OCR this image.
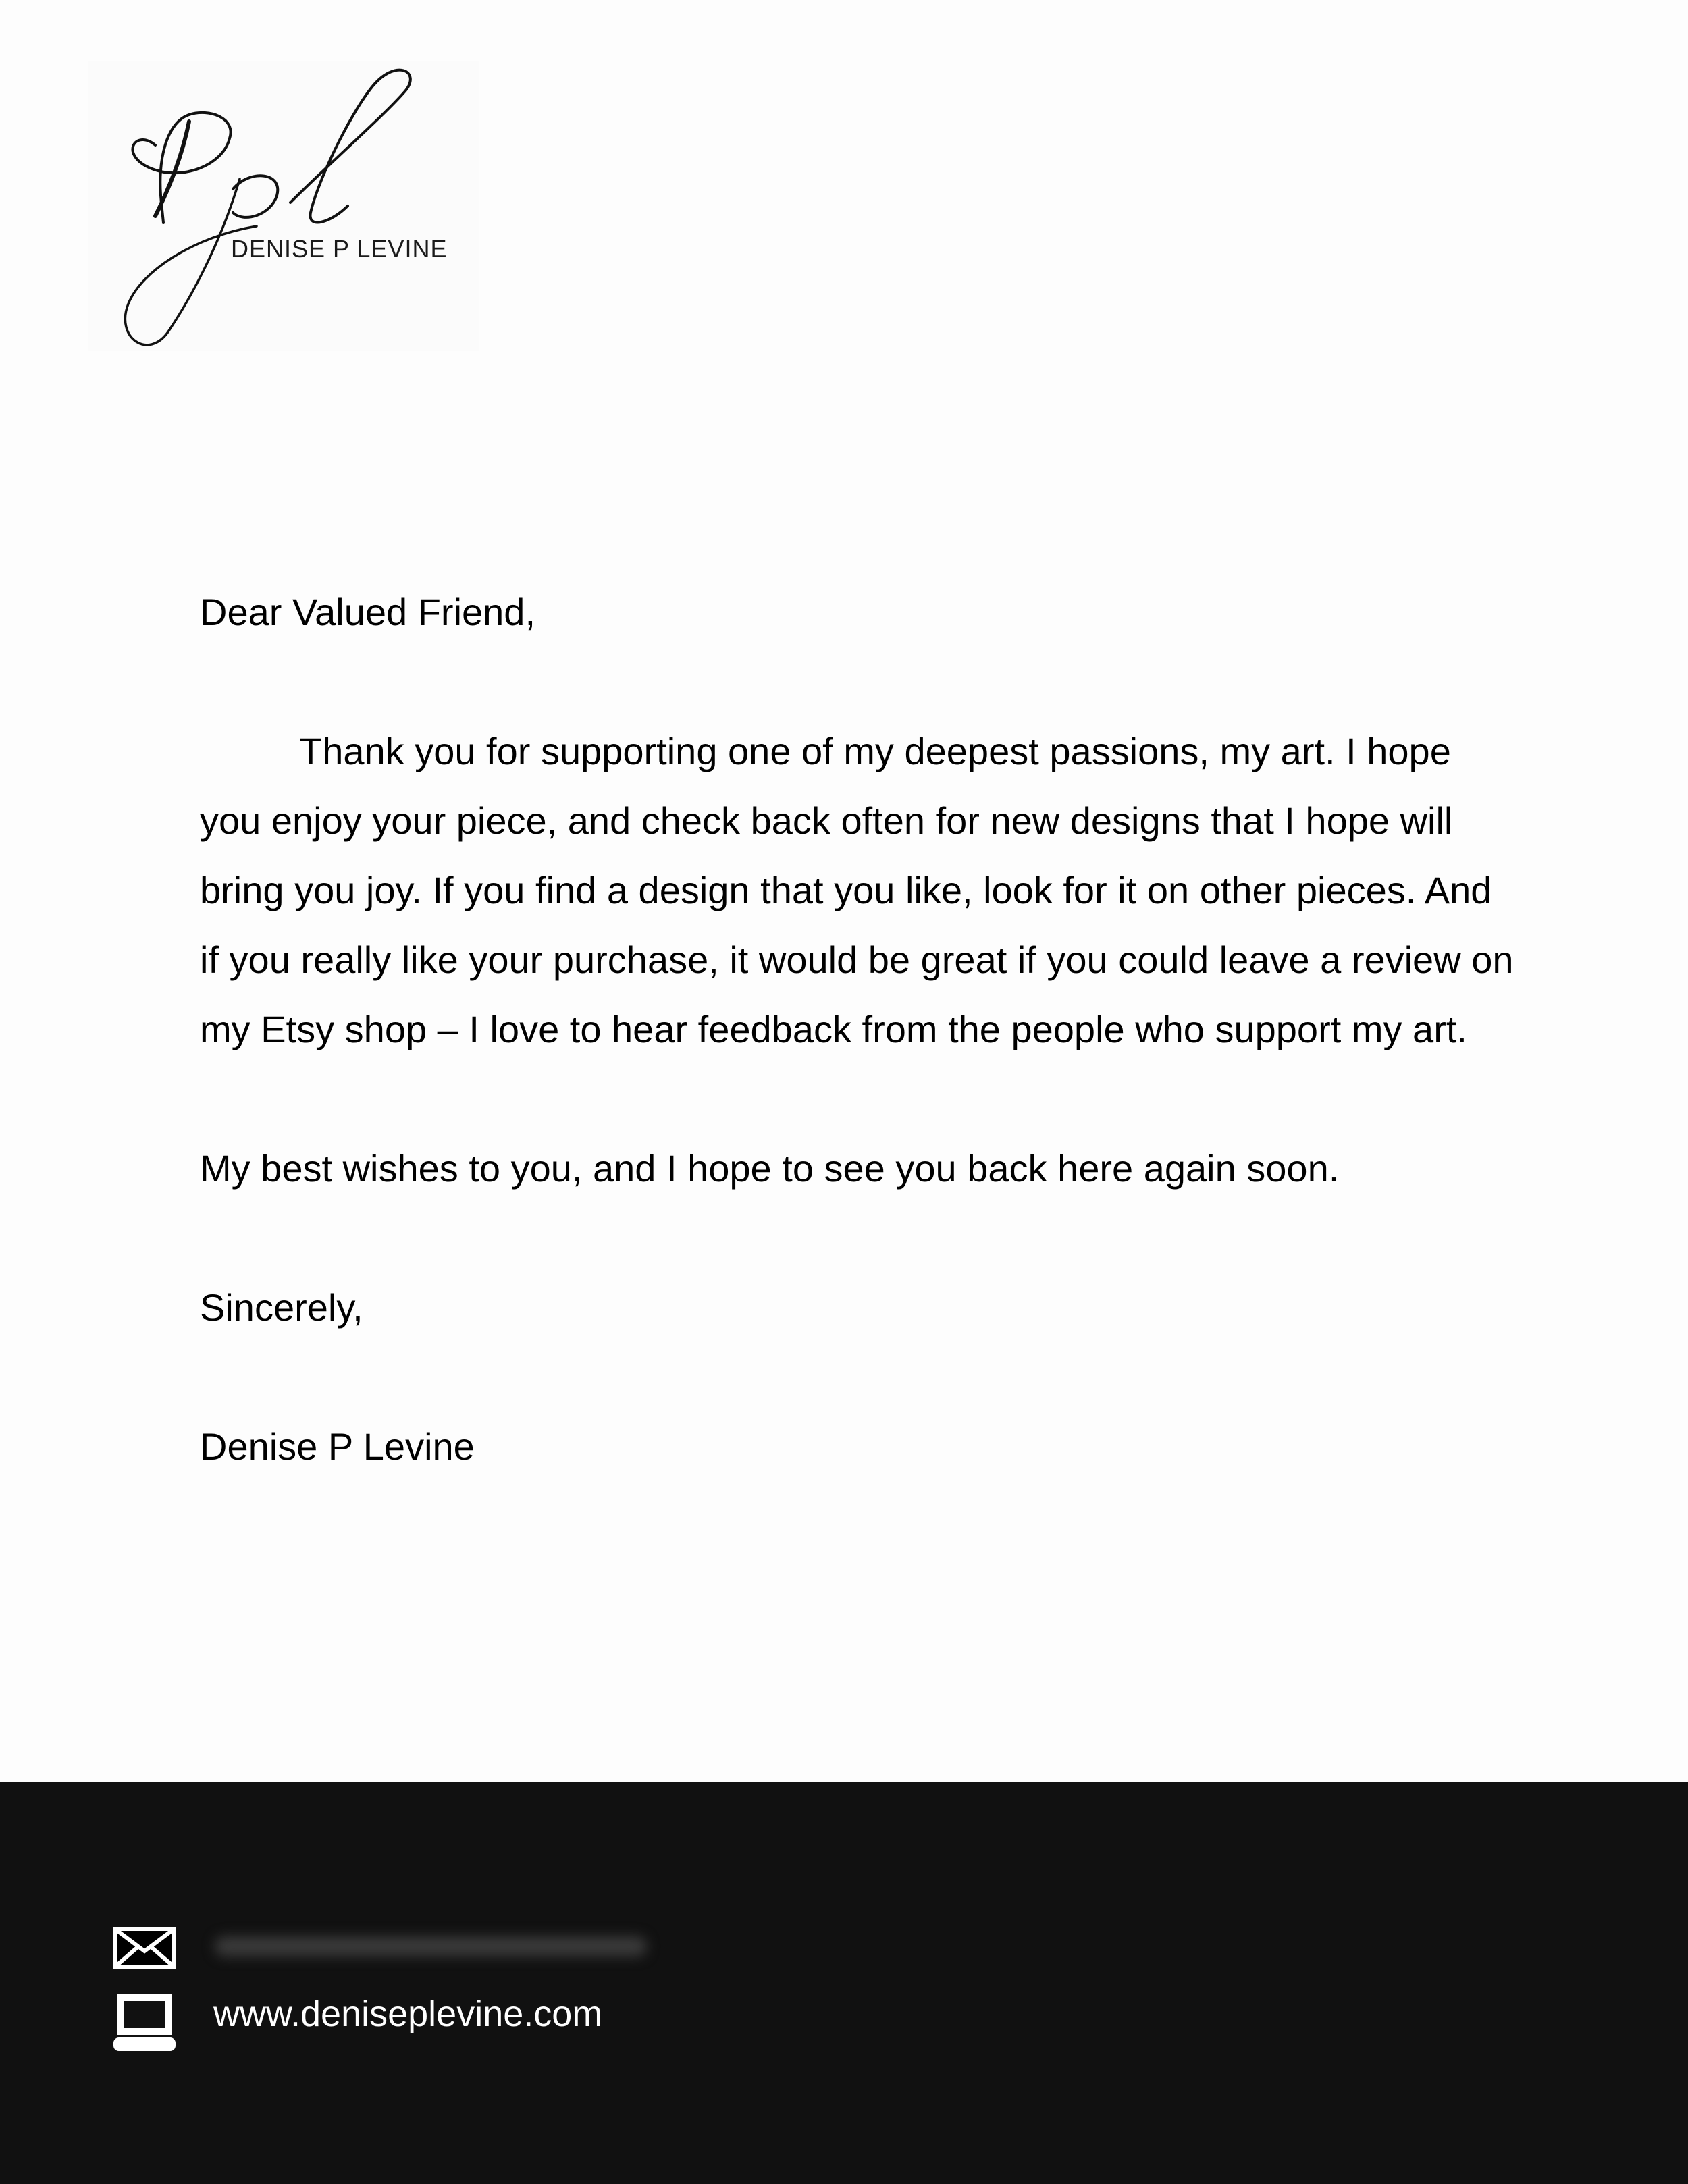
DENISE P LEVINE

Dear Valued Friend,

Thank you for supporting one of my deepest passions, my art. I hope you enjoy your piece, and check back often for new designs that I hope will bring you joy. If you find a design that you like, look for it on other pieces. And if you really like your purchase, it would be great if you could leave a review on my Etsy shop – I love to hear feedback from the people who support my art.

My best wishes to you, and I hope to see you back here again soon.

Sincerely,

Denise P Levine

www.deniseplevine.com
